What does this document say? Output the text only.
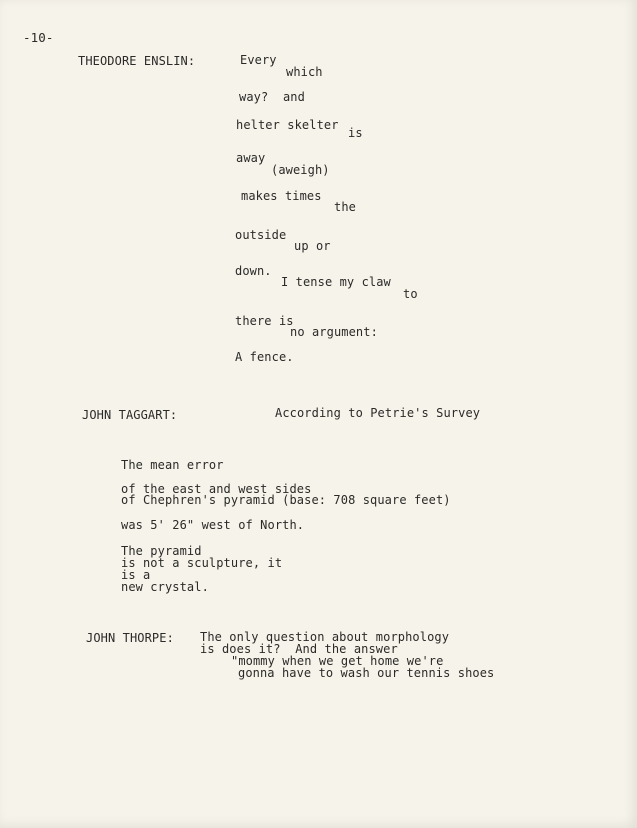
-10-
THEODORE ENSLIN:	Every
which
way?  and
helter skelter
is
away
(aweigh)
makes times
the
outside
up or
down.
I tense my claw
to
there is
no argument:
A fence.
JOHN TAGGART:	According to Petrie's Survey
The mean error
of the east and west sides
of Chephren's pyramid (base: 708 square feet)
was 5' 26" west of North.
The pyramid
is not a sculpture, it
is a
new crystal.
JOHN THORPE: The only question about morphology
is does it?  And the answer
"mommy when we get home we're
gonna have to wash our tennis shoes
